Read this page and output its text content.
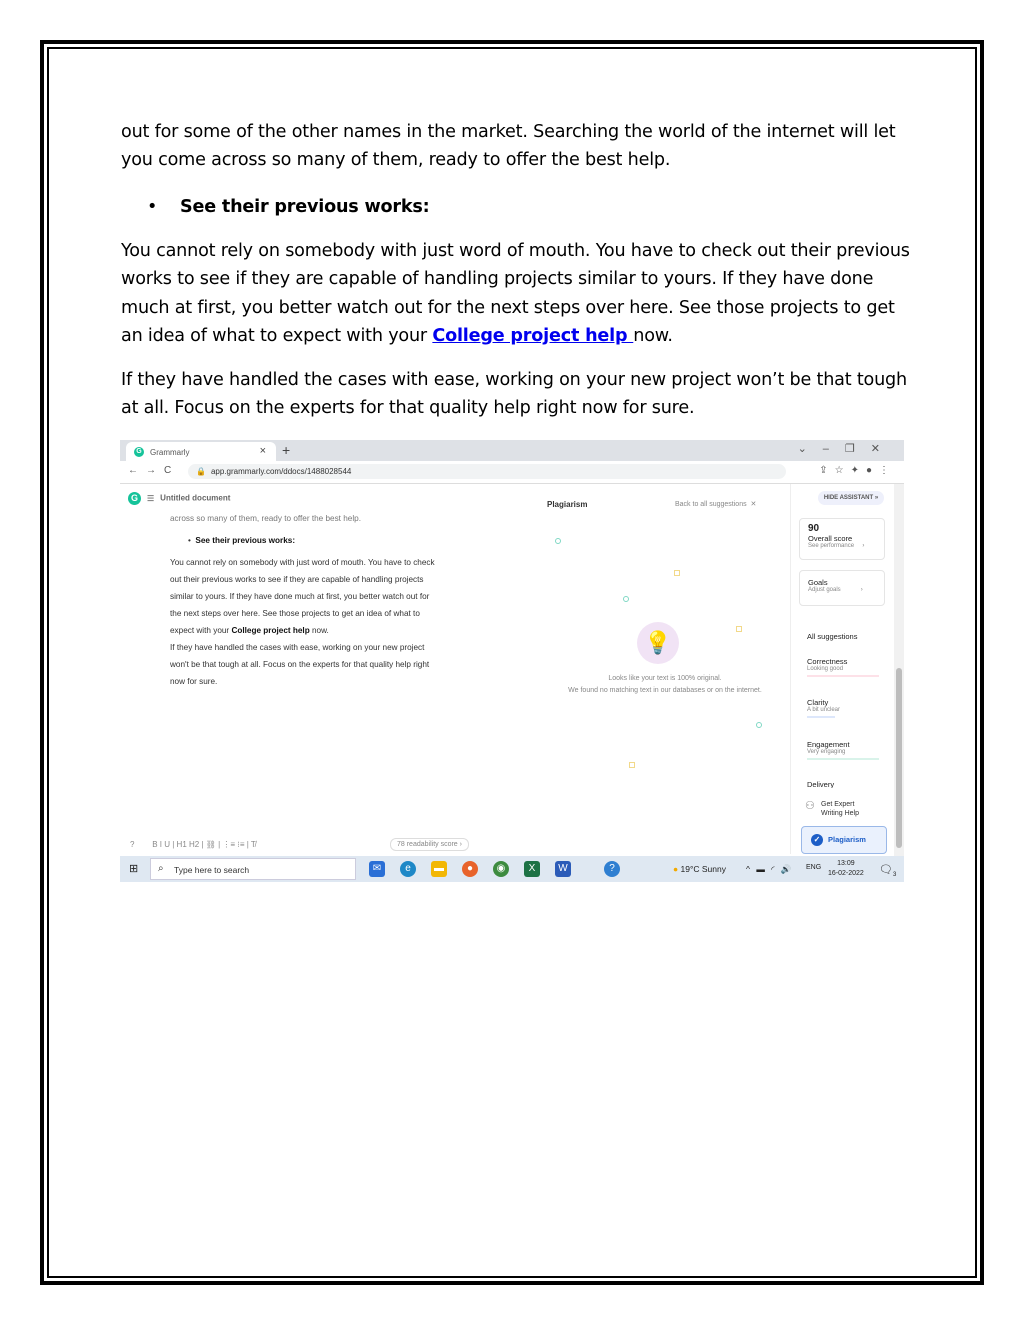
out for some of the other names in the market. Searching the world of the internet will let you come across so many of them, ready to offer the best help.

• See their previous works:

You cannot rely on somebody with just word of mouth. You have to check out their previous works to see if they are capable of handling projects similar to yours. If they have done much at first, you better watch out for the next steps over here. See those projects to get an idea of what to expect with your College project help now.

If they have handled the cases with ease, working on your new project won’t be that tough at all. Focus on the experts for that quality help right now for sure.

G Grammarly	× +	⌄–❐✕
←→C	🔒 app.grammarly.com/ddocs/1488028544	⇪☆✦●⋮
G ☰ Untitled document
across so many of them, ready to offer the best help.
•  See their previous works:
You cannot rely on somebody with just word of mouth. You have to check
out their previous works to see if they are capable of handling projects
similar to yours. If they have done much at first, you better watch out for
the next steps over here. See those projects to get an idea of what to
expect with your College project help now.
If they have handled the cases with ease, working on your new project
won't be that tough at all. Focus on the experts for that quality help right
now for sure.
? B I U | H1 H2 | ⛓ | ⋮≡ ⁝≡ | T̸	78 readability score ›
Plagiarism	Back to all suggestions ✕
💡
Looks like your text is 100% original.
We found no matching text in our databases or on the internet.
HIDE ASSISTANT »
90
Overall score
See performance     ›
Goals
Adjust goals            ›
All suggestions
Correctness
Looking good
Clarity
A bit unclear
Engagement
Very engaging
Delivery
⚇ Get Expert
Writing Help
✓	Plagiarism
⊞ ⌕ Type here to search	✉	e	▬	●	◉	X	W	?	● 19°C Sunny ^ ▬ ◜ 🔊 ENG
13:09
16-02-2022 $🗨_3$
